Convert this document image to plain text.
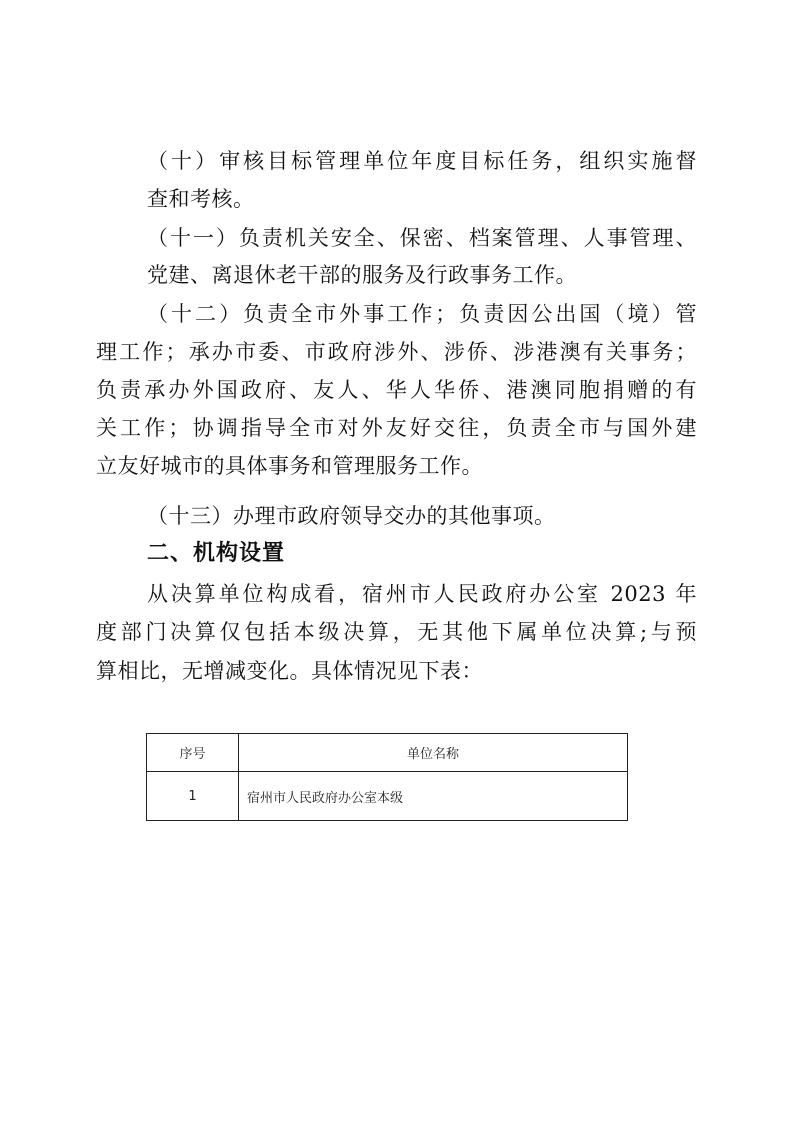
（十）审核目标管理单位年度目标任务，组织实施督
查和考核。
（十一）负责机关安全、保密、档案管理、人事管理、
党建、离退休老干部的服务及行政事务工作。
（十二）负责全市外事工作；负责因公出国（境）管
理工作；承办市委、市政府涉外、涉侨、涉港澳有关事务；
负责承办外国政府、友人、华人华侨、港澳同胞捐赠的有
关工作；协调指导全市对外友好交往，负责全市与国外建
立友好城市的具体事务和管理服务工作。
（十三）办理市政府领导交办的其他事项。
二、机构设置
从决算单位构成看，宿州市人民政府办公室 2023 年
度部门决算仅包括本级决算，无其他下属单位决算;与预
算相比，无增减变化。具体情况见下表：
序号	单位名称
1	宿州市人民政府办公室本级
